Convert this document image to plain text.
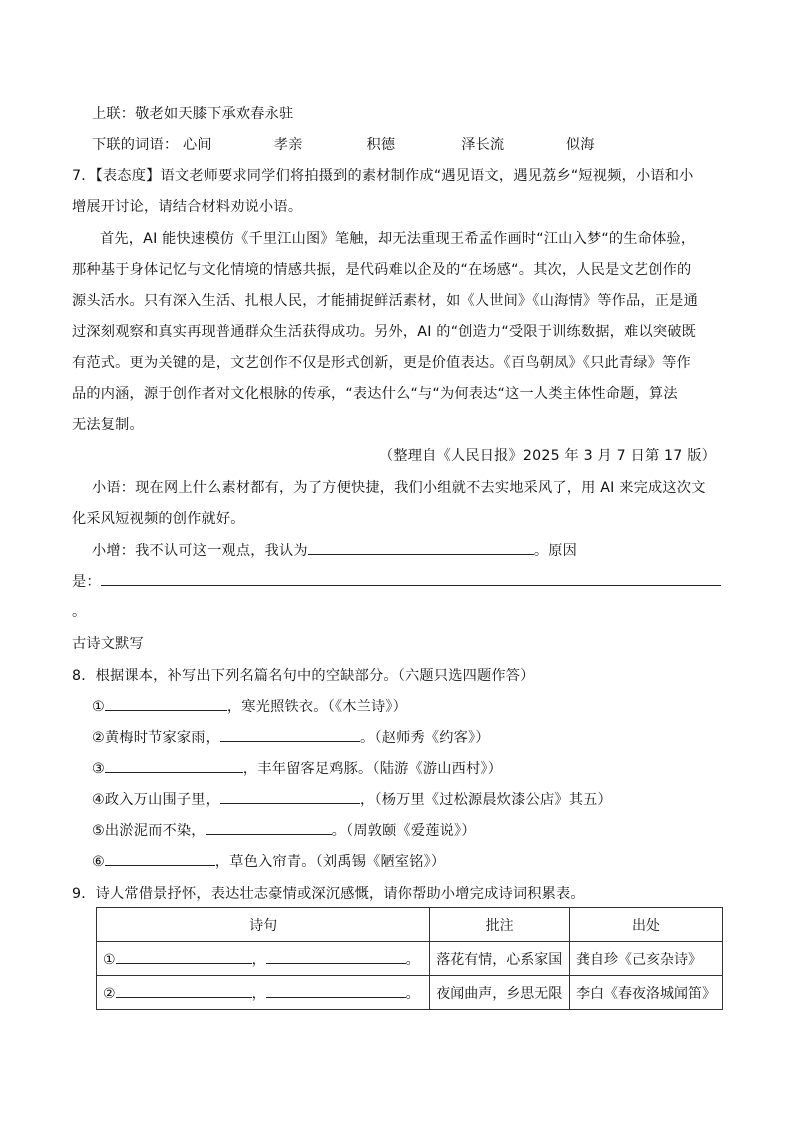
上联：敬老如天膝下承欢春永驻
下联的词语： 心间	孝亲	积德	泽长流	似海
7．【表态度】语文老师要求同学们将拍摄到的素材制作成“遇见语文，遇见荔乡“短视频，小语和小
增展开讨论，请结合材料劝说小语。
首先，AI 能快速模仿《千里江山图》笔触，却无法重现王希孟作画时“江山入梦“的生命体验，
那种基于身体记忆与文化情境的情感共振，是代码难以企及的“在场感“。其次，人民是文艺创作的
源头活水。只有深入生活、扎根人民，才能捕捉鲜活素材，如《人世间》《山海情》等作品，正是通
过深刻观察和真实再现普通群众生活获得成功。另外，AI 的“创造力“受限于训练数据，难以突破既
有范式。更为关键的是，文艺创作不仅是形式创新，更是价值表达。《百鸟朝凤》《只此青绿》等作
品的内涵，源于创作者对文化根脉的传承，“表达什么“与“为何表达“这一人类主体性命题，算法
无法复制。
（整理自《人民日报》2025 年 3 月 7 日第 17 版）
小语：现在网上什么素材都有，为了方便快捷，我们小组就不去实地采风了，用 AI 来完成这次文
化采风短视频的创作就好。
小增：我不认可这一观点，我认为	。原因
是：
。
古诗文默写
8．根据课本，补写出下列名篇名句中的空缺部分。（六题只选四题作答）
①	，寒光照铁衣。（《木兰诗》）
②黄梅时节家家雨，	。（赵师秀《约客》）
③	，丰年留客足鸡豚。（陆游《游山西村》）
④政入万山围子里，	，（杨万里《过松源晨炊漆公店》其五）
⑤出淤泥而不染，	。（周敦颐《爱莲说》）
⑥	，草色入帘青。（刘禹锡《陋室铭》）
9．诗人常借景抒怀，表达壮志豪情或深沉感慨，请你帮助小增完成诗词积累表。
诗句	批注	出处
① ， 。	落花有情，心系家国	龚自珍《己亥杂诗》
② ， 。	夜闻曲声，乡思无限	李白《春夜洛城闻笛》
